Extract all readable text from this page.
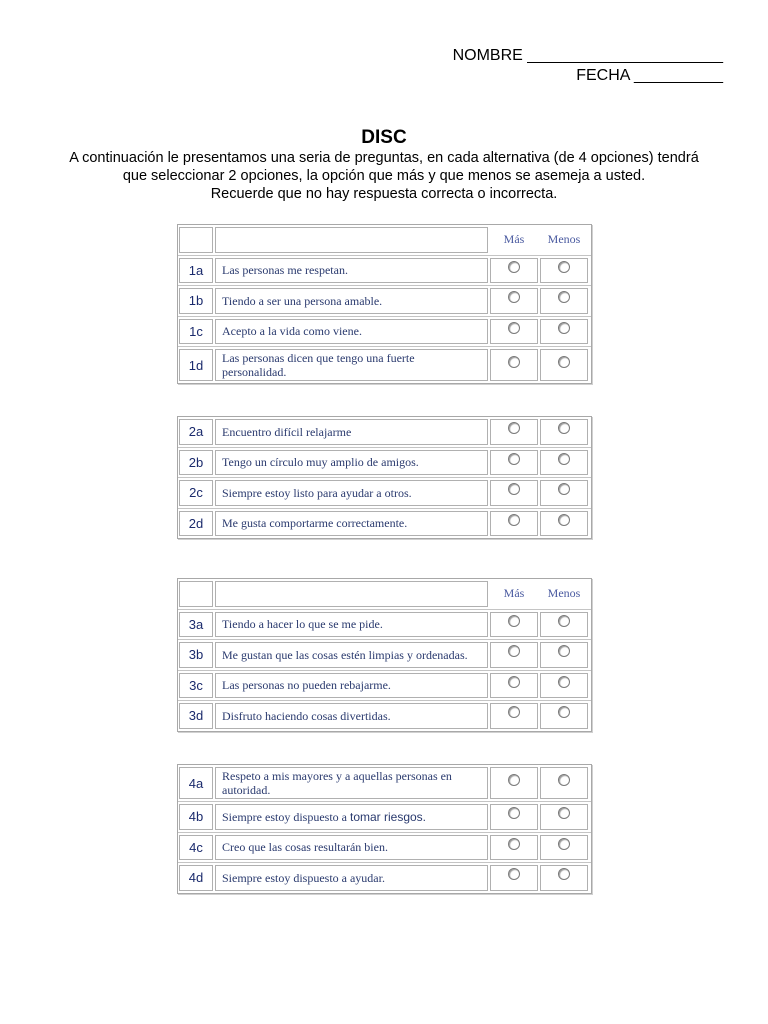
NOMBRE ______________________
FECHA __________
DISC
A continuación le presentamos una seria de preguntas, en cada alternativa (de 4 opciones) tendrá
que seleccionar 2 opciones, la opción que más y que menos se asemeja a usted.
Recuerde que no hay respuesta correcta o incorrecta.
Más	Menos
1a	Las personas me respetan.
1b	Tiendo a ser una persona amable.
1c	Acepto a la vida como viene.
1d	Las personas dicen que tengo una fuerte personalidad.
2a	Encuentro difícil relajarme
2b	Tengo un círculo muy amplio de amigos.
2c	Siempre estoy listo para ayudar a otros.
2d	Me gusta comportarme correctamente.
Más	Menos
3a	Tiendo a hacer lo que se me pide.
3b	Me gustan que las cosas estén limpias y ordenadas.
3c	Las personas no pueden rebajarme.
3d	Disfruto haciendo cosas divertidas.
4a	Respeto a mis mayores y a aquellas personas en autoridad.
4b	Siempre estoy dispuesto a tomar riesgos.
4c	Creo que las cosas resultarán bien.
4d	Siempre estoy dispuesto a ayudar.
